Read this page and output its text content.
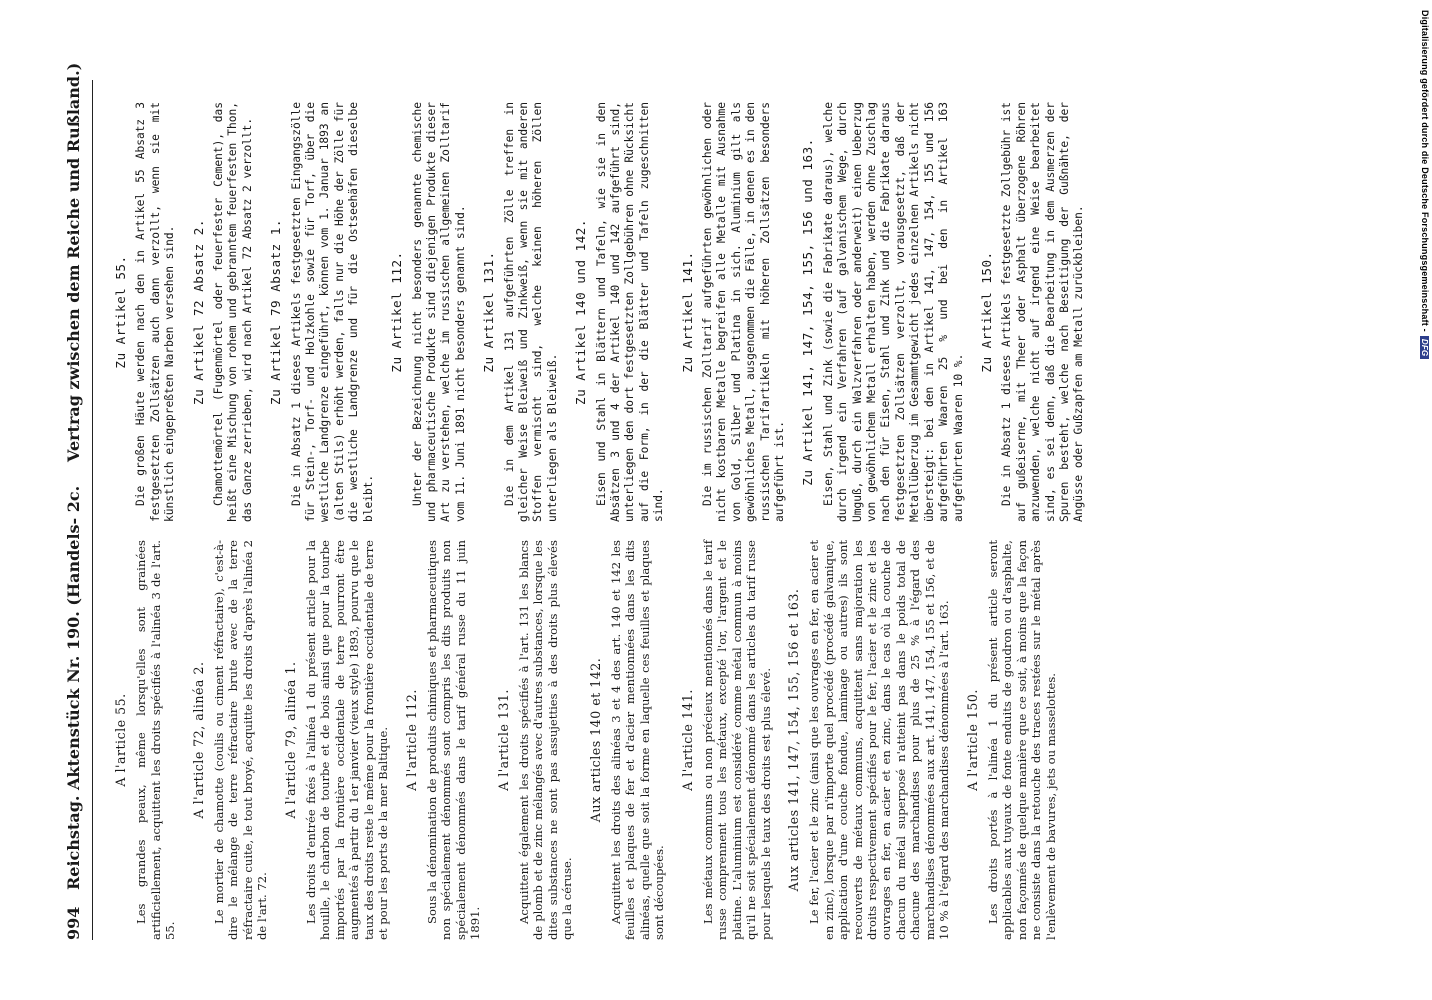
994
Reichstag. Aktenstück Nr. 190. (Handels- 2c.
Vertrag zwischen dem Reiche und Rußland.)
A l'article 55. Les grandes peaux, même lorsqu'elles sont grainées artificiellement, acquittent les droits spécifiés à l'alinéa 3 de l'art. 55.

A l'article 72, alinéa 2. Le mortier de chamotte (coulis ou ciment réfractaire), c'est-à-dire le mélange de terre réfractaire brute avec de la terre réfractaire cuite, le tout broyé, acquitte les droits d'après l'alinéa 2 de l'art. 72.

A l'article 79, alinéa 1. Les droits d'entrée fixés à l'alinéa 1 du présent article pour la houille, le charbon de tourbe et de bois ainsi que pour la tourbe importés par la frontière occidentale de terre pourront être augmentés à partir du 1er janvier (vieux style) 1893, pourvu que le taux des droits reste le même pour la frontière occidentale de terre et pour les ports de la mer Baltique. A l'article 112. Sous la dénomination de produits chimiques et pharmaceutiques non spécialement dénommés sont compris les dits produits non spécialement dénommés dans le tarif général russe du 11 juin 1891.

A l'article 131. Acquittent également les droits spécifiés à l'art. 131 les blancs de plomb et de zinc mélangés avec d'autres substances, lorsque les dites substances ne sont pas assujetties à des droits plus élevés que la céruse.

Aux articles 140 et 142. Acquittent les droits des alinéas 3 et 4 des art. 140 et 142 les feuilles et plaques de fer et d'acier mentionnées dans les dits alinéas, quelle que soit la forme en laquelle ces feuilles et plaques sont découpées.

A l'article 141. Les métaux communs ou non précieux mentionnés dans le tarif russe comprennent tous les métaux, excepté l'or, l'argent et le platine. L'aluminium est considéré comme métal commun à moins qu'il ne soit spécialement dénommé dans les articles du tarif russe pour lesquels le taux des droits est plus élevé. Aux articles 141, 147, 154, 155, 156 et 163. Le fer, l'acier et le zinc (ainsi que les ouvrages en fer, en acier et en zinc), lorsque par n'importe quel procédé (procédé galvanique, application d'une couche fondue, laminage ou autres) ils sont recouverts de métaux communs, acquittent sans majoration les droits respectivement spécifiés pour le fer, l'acier et le zinc et les ouvrages en fer, en acier et en zinc, dans le cas où la couche de chacun du métal superposé n'atteint pas dans le poids total de chacune des marchandises pour plus de 25 % à l'égard des marchandises dénommées aux art. 141, 147, 154, 155 et 156, et de 10 % à l'égard des marchandises dénommées à l'art. 163. A l'article 150. Les droits portés à l'alinéa 1 du présent article seront applicables aux tuyaux de fonte enduits de goudron ou d'asphalte, non façonnés de quelque manière que ce soit, à moins que la façon ne consiste dans la retouche des traces restées sur le métal après l'enlèvement de bavures, jets ou masselottes.

Zu Artikel 55. Die großen Häute werden nach den in Artikel 55 Absatz 3 festgesetzten Zollsätzen auch dann verzollt, wenn sie mit künstlich eingepreßten Narben versehen sind. Zu Artikel 72 Absatz 2. Chamottemörtel (Fugenmörtel oder feuerfester Cement), das heißt eine Mischung von rohem und gebranntem feuerfesten Thon, das Ganze zerrieben, wird nach Artikel 72 Absatz 2 verzollt. Zu Artikel 79 Absatz 1. Die in Absatz 1 dieses Artikels festgesetzten Eingangszölle für Stein-, Torf- und Holzkohle sowie für Torf, über die westliche Landgrenze eingeführt, können vom 1. Januar 1893 an (alten Stils) erhöht werden, falls nur die Höhe der Zölle für die westliche Landgrenze und für die Ostseehäfen dieselbe bleibt.

Zu Artikel 112. Unter der Bezeichnung nicht besonders genannte chemische und pharmaceutische Produkte sind diejenigen Produkte dieser Art zu verstehen, welche im russischen allgemeinen Zolltarif vom 11. Juni 1891 nicht besonders genannt sind. Zu Artikel 131. Die in dem Artikel 131 aufgeführten Zölle treffen in gleicher Weise Bleiweiß und Zinkweiß, wenn sie mit anderen Stoffen vermischt sind, welche keinen höheren Zöllen unterliegen als Bleiweiß.

Zu Artikel 140 und 142. Eisen und Stahl in Blättern und Tafeln, wie sie in den Absätzen 3 und 4 der Artikel 140 und 142 aufgeführt sind, unterliegen den dort festgesetzten Zollgebühren ohne Rücksicht auf die Form, in der die Blätter und Tafeln zugeschnitten sind.

Zu Artikel 141. Die im russischen Zolltarif aufgeführten gewöhnlichen oder nicht kostbaren Metalle begreifen alle Metalle mit Ausnahme von Gold, Silber und Platina in sich. Aluminium gilt als gewöhnliches Metall, ausgenommen die Fälle, in denen es in den russischen Tarifartikeln mit höheren Zollsätzen besonders aufgeführt ist. Zu Artikel 141, 147, 154, 155, 156 und 163. Eisen, Stahl und Zink (sowie die Fabrikate daraus), welche durch irgend ein Verfahren (auf galvanischem Wege, durch Umguß, durch ein Walzverfahren oder anderweit) einen Ueberzug von gewöhnlichem Metall erhalten haben, werden ohne Zuschlag nach den für Eisen, Stahl und Zink und die Fabrikate daraus festgesetzten Zollsätzen verzollt, vorausgesetzt, daß der Metallüberzug im Gesammtgewicht jedes einzelnen Artikels nicht übersteigt: bei den in Artikel 141, 147, 154, 155 und 156 aufgeführten Waaren 25 % und bei den in Artikel 163 aufgeführten Waaren 10 %.

Zu Artikel 150. Die in Absatz 1 dieses Artikels festgesetzte Zollgebühr ist auf gußeiserne, mit Theer oder Asphalt überzogene Röhren anzuwenden, welche nicht auf irgend eine Weise bearbeitet sind, es sei denn, daß die Bearbeitung in dem Ausmerzen der Spuren besteht, welche nach Beseitigung der Gußnähte, der Angüsse oder Gußzapfen am Metall zurückbleiben.

Digitalisierung gefördert durch die Deutsche Forschungsgemeinschaft -DFG
